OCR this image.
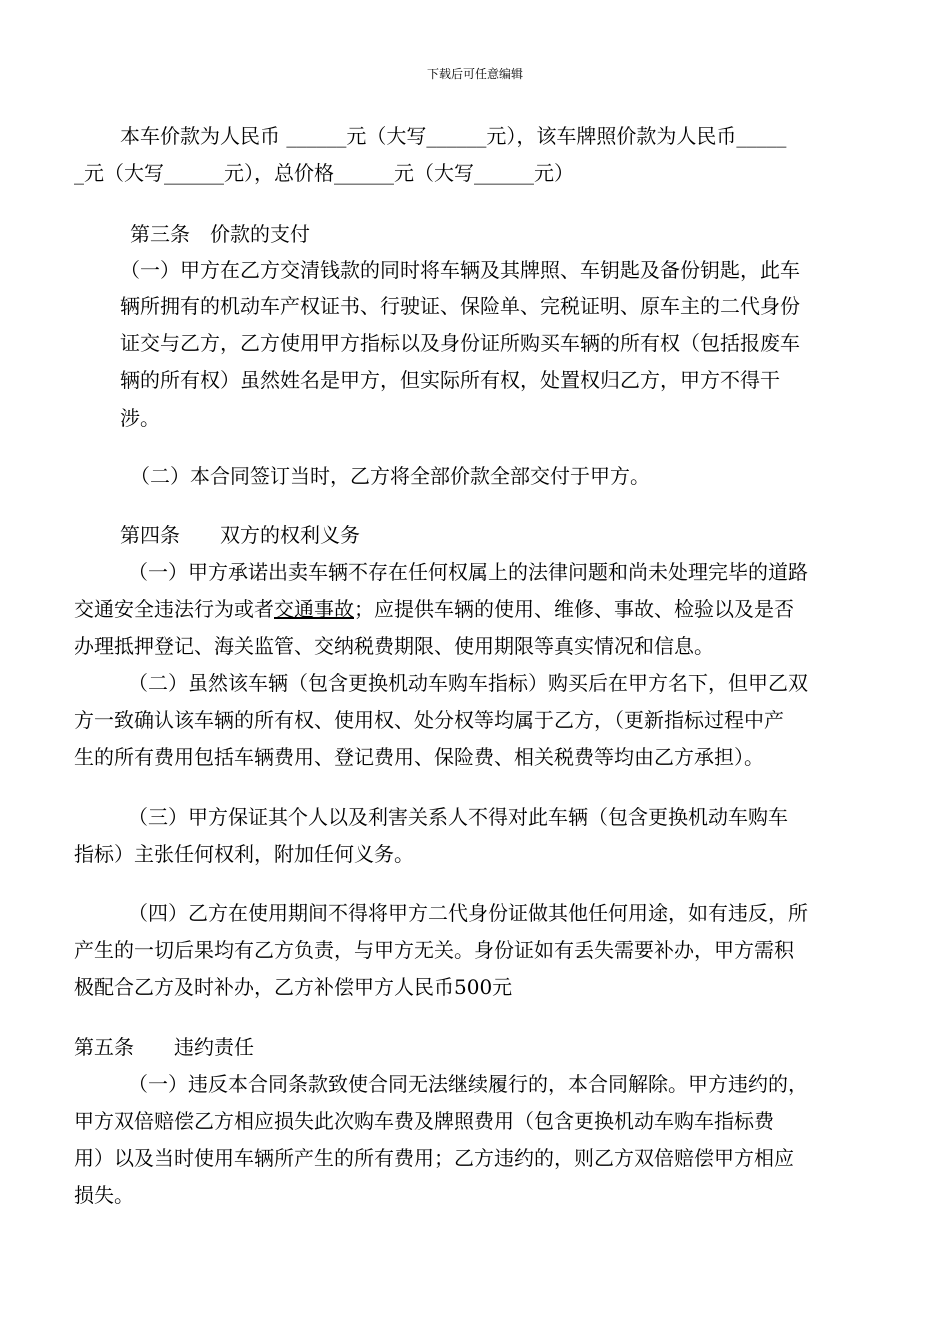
下载后可任意编辑
本车价款为人民币 ______元（大写______元），该车牌照价款为人民币_____
_元（大写______元），总价格______元（大写______元）
第三条　价款的支付
（一）甲方在乙方交清钱款的同时将车辆及其牌照、车钥匙及备份钥匙，此车
辆所拥有的机动车产权证书、行驶证、保险单、完税证明、原车主的二代身份
证交与乙方，乙方使用甲方指标以及身份证所购买车辆的所有权（包括报废车
辆的所有权）虽然姓名是甲方，但实际所有权，处置权归乙方，甲方不得干
涉。
（二）本合同签订当时，乙方将全部价款全部交付于甲方。
第四条　　双方的权利义务
（一）甲方承诺出卖车辆不存在任何权属上的法律问题和尚未处理完毕的道路
交通安全违法行为或者交通事故；应提供车辆的使用、维修、事故、检验以及是否
办理抵押登记、海关监管、交纳税费期限、使用期限等真实情况和信息。
（二）虽然该车辆（包含更换机动车购车指标）购买后在甲方名下，但甲乙双
方一致确认该车辆的所有权、使用权、处分权等均属于乙方，（更新指标过程中产
生的所有费用包括车辆费用、登记费用、保险费、相关税费等均由乙方承担）。
（三）甲方保证其个人以及利害关系人不得对此车辆（包含更换机动车购车
指标）主张任何权利，附加任何义务。
（四）乙方在使用期间不得将甲方二代身份证做其他任何用途，如有违反，所
产生的一切后果均有乙方负责，与甲方无关。身份证如有丢失需要补办，甲方需积
极配合乙方及时补办，乙方补偿甲方人民币500元
第五条　　违约责任
（一）违反本合同条款致使合同无法继续履行的，本合同解除。甲方违约的，
甲方双倍赔偿乙方相应损失此次购车费及牌照费用（包含更换机动车购车指标费
用）以及当时使用车辆所产生的所有费用；乙方违约的，则乙方双倍赔偿甲方相应
损失。
